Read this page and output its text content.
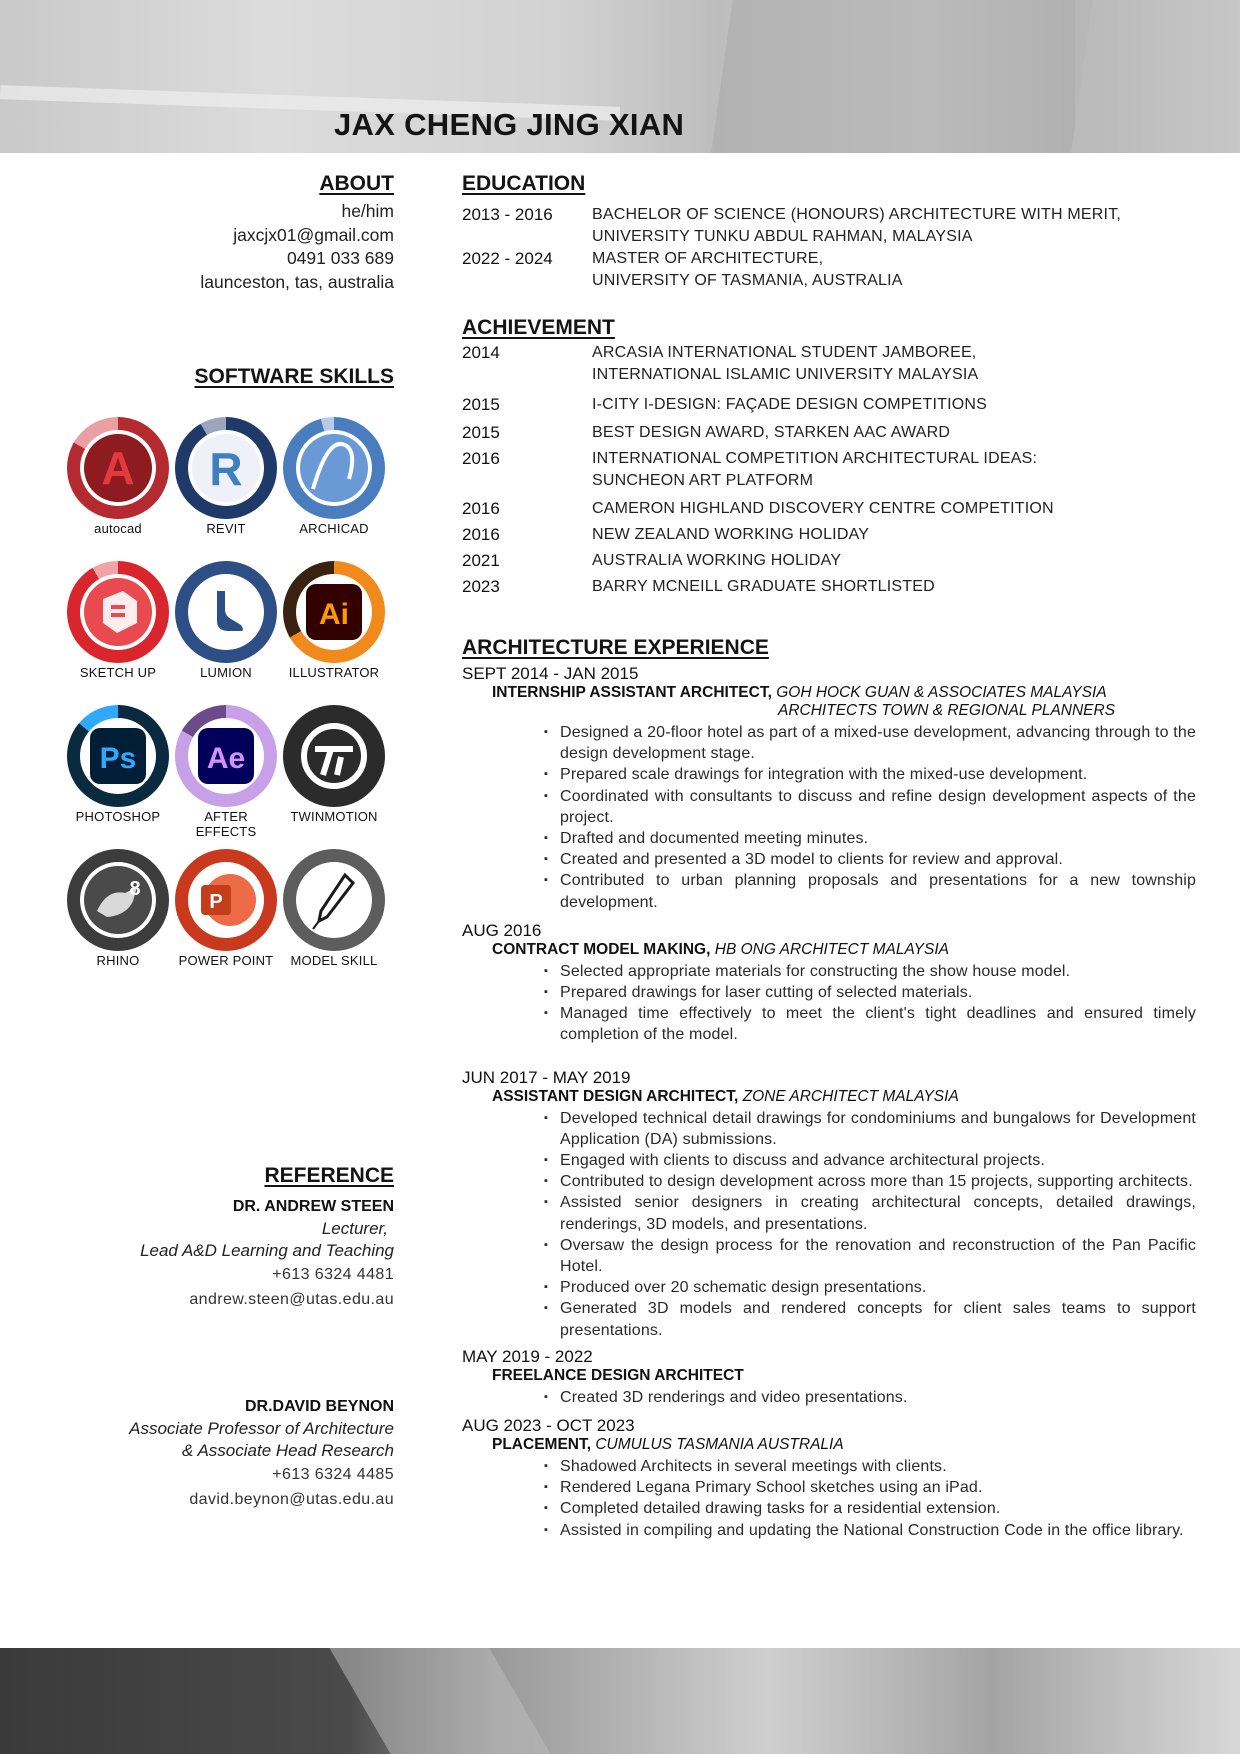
JAX CHENG JING XIAN
ABOUT
he/him
jaxcjx01@gmail.com
0491 033 689
launceston, tas, australia
SOFTWARE SKILLS
A
autocad
R
REVIT	ARCHICAD
SKETCH UP	LUMION
Ai
ILLUSTRATOR
Ps
PHOTOSHOP
Ae
AFTER EFFECTS
TWINMOTION
8
RHINO
P
POWER POINT	MODEL SKILL
REFERENCE
DR. ANDREW STEEN
Lecturer,
Lead A&D Learning and Teaching
+613 6324 4481
andrew.steen@utas.edu.au
DR.DAVID BEYNON
Associate Professor of Architecture
& Associate Head Research
+613 6324 4485
david.beynon@utas.edu.au
EDUCATION
2013 - 2016	BACHELOR OF SCIENCE (HONOURS) ARCHITECTURE WITH MERIT,
UNIVERSITY TUNKU ABDUL RAHMAN, MALAYSIA
2022 - 2024	MASTER OF ARCHITECTURE,
UNIVERSITY OF TASMANIA, AUSTRALIA
ACHIEVEMENT
2014	ARCASIA INTERNATIONAL STUDENT JAMBOREE,
INTERNATIONAL ISLAMIC UNIVERSITY MALAYSIA
2015	I-CITY I-DESIGN: FAÇADE DESIGN COMPETITIONS
2015	BEST DESIGN AWARD, STARKEN AAC AWARD
2016	INTERNATIONAL COMPETITION ARCHITECTURAL IDEAS:
SUNCHEON ART PLATFORM
2016	CAMERON HIGHLAND DISCOVERY CENTRE COMPETITION
2016	NEW ZEALAND WORKING HOLIDAY
2021	AUSTRALIA WORKING HOLIDAY
2023	BARRY MCNEILL GRADUATE SHORTLISTED
ARCHITECTURE EXPERIENCE
SEPT 2014 - JAN 2015
INTERNSHIP ASSISTANT ARCHITECT, GOH HOCK GUAN & ASSOCIATES MALAYSIA
ARCHITECTS TOWN & REGIONAL PLANNERS
▪ Designed a 20-floor hotel as part of a mixed-use development, advancing through to the design development stage.
▪ Prepared scale drawings for integration with the mixed-use development.
▪ Coordinated with consultants to discuss and refine design development aspects of the project.
▪ Drafted and documented meeting minutes.
▪ Created and presented a 3D model to clients for review and approval.
▪ Contributed to urban planning proposals and presentations for a new township development.
AUG 2016
CONTRACT MODEL MAKING, HB ONG ARCHITECT MALAYSIA
▪ Selected appropriate materials for constructing the show house model.
▪ Prepared drawings for laser cutting of selected materials.
▪ Managed time effectively to meet the client's tight deadlines and ensured timely completion of the model.
JUN 2017 - MAY 2019
ASSISTANT DESIGN ARCHITECT, ZONE ARCHITECT MALAYSIA
▪ Developed technical detail drawings for condominiums and bungalows for Development Application (DA) submissions.
▪ Engaged with clients to discuss and advance architectural projects.
▪ Contributed to design development across more than 15 projects, supporting architects.
▪ Assisted senior designers in creating architectural concepts, detailed drawings, renderings, 3D models, and presentations.
▪ Oversaw the design process for the renovation and reconstruction of the Pan Pacific Hotel.
▪ Produced over 20 schematic design presentations.
▪ Generated 3D models and rendered concepts for client sales teams to support presentations.
MAY 2019 - 2022
FREELANCE DESIGN ARCHITECT
▪ Created 3D renderings and video presentations.
AUG 2023 - OCT 2023
PLACEMENT, CUMULUS TASMANIA AUSTRALIA
▪ Shadowed Architects in several meetings with clients.
▪ Rendered Legana Primary School sketches using an iPad.
▪ Completed detailed drawing tasks for a residential extension.
▪ Assisted in compiling and updating the National Construction Code in the office library.
